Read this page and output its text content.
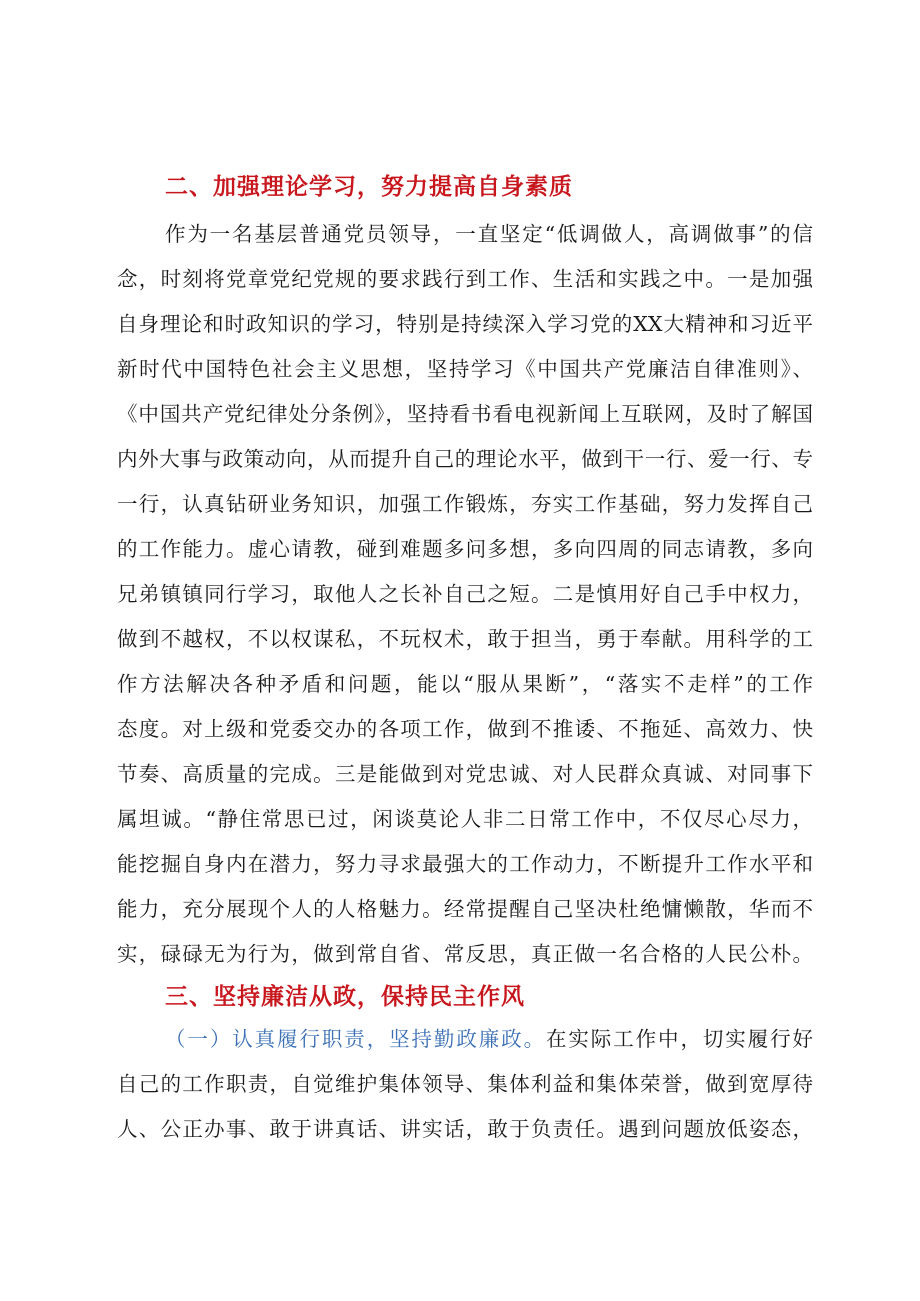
二、加强理论学习，努力提高自身素质
作为一名基层普通党员领导，一直坚定“低调做人，高调做事”的信
念，时刻将党章党纪党规的要求践行到工作、生活和实践之中。一是加强
自身理论和时政知识的学习，特别是持续深入学习党的XX大精神和习近平
新时代中国特色社会主义思想，坚持学习《中国共产党廉洁自律准则》、
《中国共产党纪律处分条例》，坚持看书看电视新闻上互联网，及时了解国
内外大事与政策动向，从而提升自己的理论水平，做到干一行、爱一行、专
一行，认真钻研业务知识，加强工作锻炼，夯实工作基础，努力发挥自己
的工作能力。虚心请教，碰到难题多问多想，多向四周的同志请教，多向
兄弟镇镇同行学习，取他人之长补自己之短。二是慎用好自己手中权力，
做到不越权，不以权谋私，不玩权术，敢于担当，勇于奉献。用科学的工
作方法解决各种矛盾和问题，能以“服从果断”，“落实不走样”的工作
态度。对上级和党委交办的各项工作，做到不推诿、不拖延、高效力、快
节奏、高质量的完成。三是能做到对党忠诚、对人民群众真诚、对同事下
属坦诚。“静住常思已过，闲谈莫论人非二日常工作中，不仅尽心尽力，
能挖掘自身内在潜力，努力寻求最强大的工作动力，不断提升工作水平和
能力，充分展现个人的人格魅力。经常提醒自己坚决杜绝慵懒散，华而不
实，碌碌无为行为，做到常自省、常反思，真正做一名合格的人民公朴。
三、坚持廉洁从政，保持民主作风
（一）认真履行职责，坚持勤政廉政。在实际工作中，切实履行好
自己的工作职责，自觉维护集体领导、集体利益和集体荣誉，做到宽厚待
人、公正办事、敢于讲真话、讲实话，敢于负责任。遇到问题放低姿态，
